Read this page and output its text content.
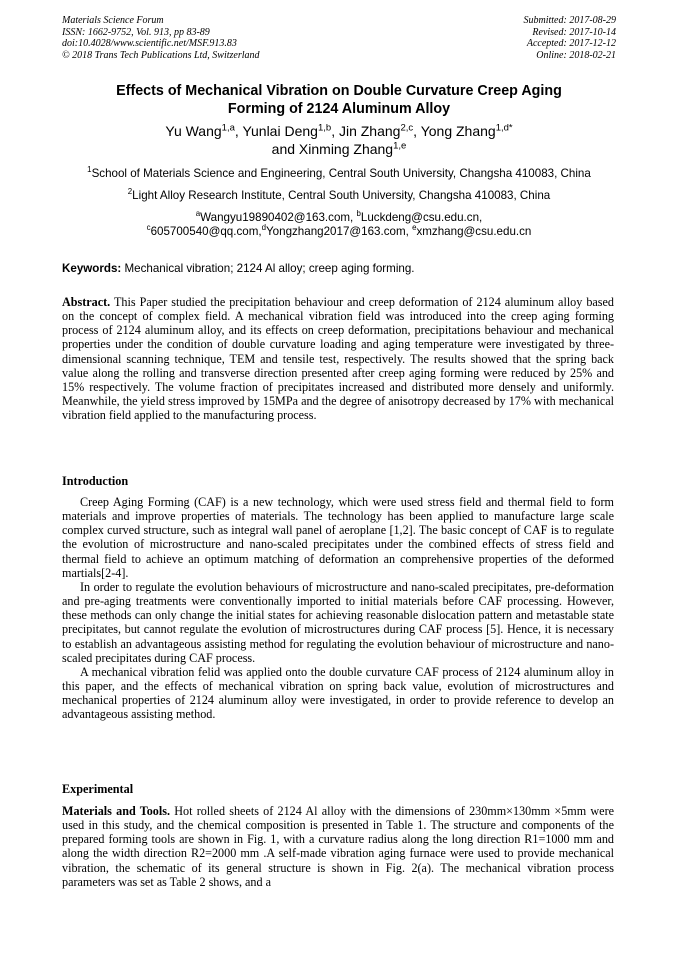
Materials Science Forum
ISSN: 1662-9752, Vol. 913, pp 83-89
doi:10.4028/www.scientific.net/MSF.913.83
© 2018 Trans Tech Publications Ltd, Switzerland
Submitted: 2017-08-29
Revised: 2017-10-14
Accepted: 2017-12-12
Online: 2018-02-21
Effects of Mechanical Vibration on Double Curvature Creep Aging
Forming of 2124 Aluminum Alloy
Yu Wang$^{1,a}$, Yunlai Deng$^{1,b}$, Jin Zhang$^{2,c}$, Yong Zhang$^{1,d*}$
and Xinming Zhang$^{1,e}$
$^1$School of Materials Science and Engineering, Central South University, Changsha 410083, China
$^2$Light Alloy Research Institute, Central South University, Changsha 410083, China
$^a$Wangyu19890402@163.com, $^b$Luckdeng@csu.edu.cn,
$^c$605700540@qq.com,$^d$Yongzhang2017@163.com, $^e$xmzhang@csu.edu.cn
Keywords: Mechanical vibration; 2124 Al alloy; creep aging forming.

Abstract. This Paper studied the precipitation behaviour and creep deformation of 2124 aluminum alloy based on the concept of complex field. A mechanical vibration field was introduced into the creep aging forming process of 2124 aluminum alloy, and its effects on creep deformation, precipitations behaviour and mechanical properties under the condition of double curvature loading and aging temperature were investigated by three-dimensional scanning technique, TEM and tensile test, respectively. The results showed that the spring back value along the rolling and transverse direction presented after creep aging forming were reduced by 25% and 15% respectively. The volume fraction of precipitates increased and distributed more densely and uniformly. Meanwhile, the yield stress improved by 15MPa and the degree of anisotropy decreased by 17% with mechanical vibration field applied to the manufacturing process.

Introduction

Creep Aging Forming (CAF) is a new technology, which were used stress field and thermal field to form materials and improve properties of materials. The technology has been applied to manufacture large scale complex curved structure, such as integral wall panel of aeroplane [1,2]. The basic concept of CAF is to regulate the evolution of microstructure and nano-scaled precipitates under the combined effects of stress field and thermal field to achieve an optimum matching of deformation an comprehensive properties of the deformed martials[2-4].

In order to regulate the evolution behaviours of microstructure and nano-scaled precipitates, pre-deformation and pre-aging treatments were conventionally imported to initial materials before CAF processing. However, these methods can only change the initial states for achieving reasonable dislocation pattern and metastable state precipitates, but cannot regulate the evolution of microstructures during CAF process [5]. Hence, it is necessary to establish an advantageous assisting method for regulating the evolution behaviour of microstructure and nano-scaled precipitates during CAF process.

A mechanical vibration felid was applied onto the double curvature CAF process of 2124 aluminum alloy in this paper, and the effects of mechanical vibration on spring back value, evolution of microstructures and mechanical properties of 2124 aluminum alloy were investigated, in order to provide reference to develop an advantageous assisting method.

Experimental

Materials and Tools. Hot rolled sheets of 2124 Al alloy with the dimensions of 230mm×130mm ×5mm were used in this study, and the chemical composition is presented in Table 1. The structure and components of the prepared forming tools are shown in Fig. 1, with a curvature radius along the long direction R1=1000 mm and along the width direction R2=2000 mm .A self-made vibration aging furnace were used to provide mechanical vibration, the schematic of its general structure is shown in Fig. 2(a). The mechanical vibration process parameters was set as Table 2 shows, and a
